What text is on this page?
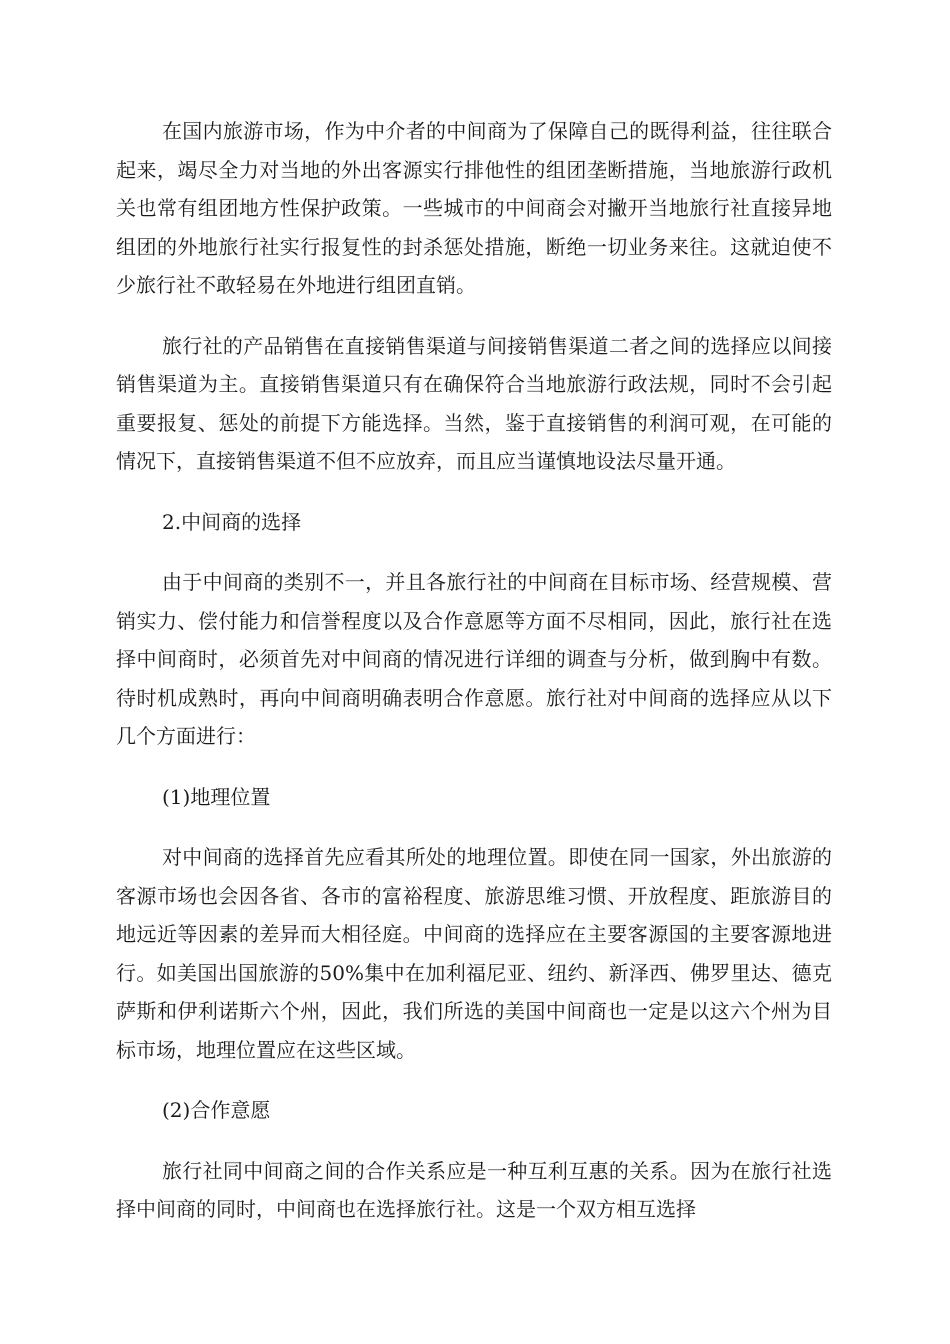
在国内旅游市场，作为中介者的中间商为了保障自己的既得利益，往往联合起来，竭尽全力对当地的外出客源实行排他性的组团垄断措施，当地旅游行政机关也常有组团地方性保护政策。一些城市的中间商会对撇开当地旅行社直接异地组团的外地旅行社实行报复性的封杀惩处措施，断绝一切业务来往。这就迫使不少旅行社不敢轻易在外地进行组团直销。

旅行社的产品销售在直接销售渠道与间接销售渠道二者之间的选择应以间接销售渠道为主。直接销售渠道只有在确保符合当地旅游行政法规，同时不会引起重要报复、惩处的前提下方能选择。当然，鉴于直接销售的利润可观，在可能的情况下，直接销售渠道不但不应放弃，而且应当谨慎地设法尽量开通。

2.中间商的选择

由于中间商的类别不一，并且各旅行社的中间商在目标市场、经营规模、营销实力、偿付能力和信誉程度以及合作意愿等方面不尽相同，因此，旅行社在选择中间商时，必须首先对中间商的情况进行详细的调查与分析，做到胸中有数。待时机成熟时，再向中间商明确表明合作意愿。旅行社对中间商的选择应从以下几个方面进行：

(1)地理位置

对中间商的选择首先应看其所处的地理位置。即使在同一国家，外出旅游的客源市场也会因各省、各市的富裕程度、旅游思维习惯、开放程度、距旅游目的地远近等因素的差异而大相径庭。中间商的选择应在主要客源国的主要客源地进行。如美国出国旅游的50%集中在加利福尼亚、纽约、新泽西、佛罗里达、德克萨斯和伊利诺斯六个州，因此，我们所选的美国中间商也一定是以这六个州为目标市场，地理位置应在这些区域。

(2)合作意愿

旅行社同中间商之间的合作关系应是一种互利互惠的关系。因为在旅行社选择中间商的同时，中间商也在选择旅行社。这是一个双方相互选择
